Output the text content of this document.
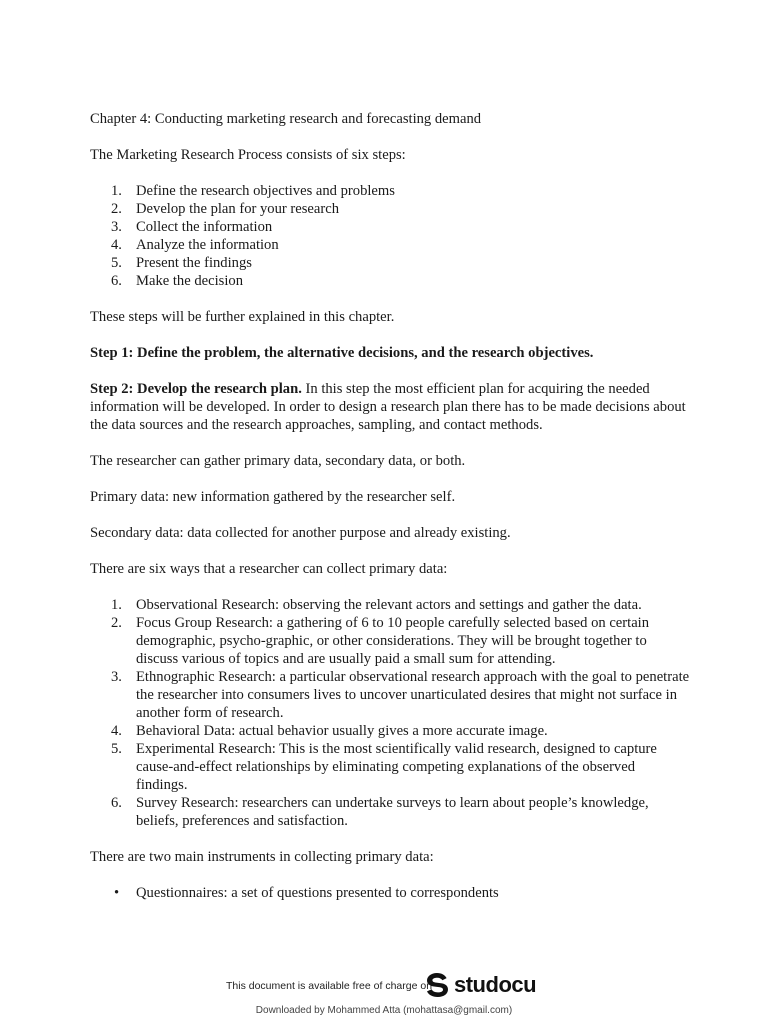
Chapter 4: Conducting marketing research and forecasting demand

The Marketing Research Process consists of six steps:

1. Define the research objectives and problems
2. Develop the plan for your research
3. Collect the information
4. Analyze the information
5. Present the findings
6. Make the decision

These steps will be further explained in this chapter.

Step 1: Define the problem, the alternative decisions, and the research objectives.

Step 2: Develop the research plan. In this step the most efficient plan for acquiring the needed information will be developed. In order to design a research plan there has to be made decisions about the data sources and the research approaches, sampling, and contact methods.

The researcher can gather primary data, secondary data, or both.

Primary data: new information gathered by the researcher self.

Secondary data: data collected for another purpose and already existing.

There are six ways that a researcher can collect primary data:

1. Observational Research: observing the relevant actors and settings and gather the data.
2. Focus Group Research: a gathering of 6 to 10 people carefully selected based on certain demographic, psycho-graphic, or other considerations. They will be brought together to discuss various of topics and are usually paid a small sum for attending.
3. Ethnographic Research: a particular observational research approach with the goal to penetrate the researcher into consumers lives to uncover unarticulated desires that might not surface in another form of research.
4. Behavioral Data: actual behavior usually gives a more accurate image.
5. Experimental Research: This is the most scientifically valid research, designed to capture cause-and-effect relationships by eliminating competing explanations of the observed findings.
6. Survey Research: researchers can undertake surveys to learn about people’s knowledge, beliefs, preferences and satisfaction.

There are two main instruments in collecting primary data:

• Questionnaires: a set of questions presented to correspondents
This document is available free of charge on studocu
Downloaded by Mohammed Atta (mohattasa@gmail.com)
